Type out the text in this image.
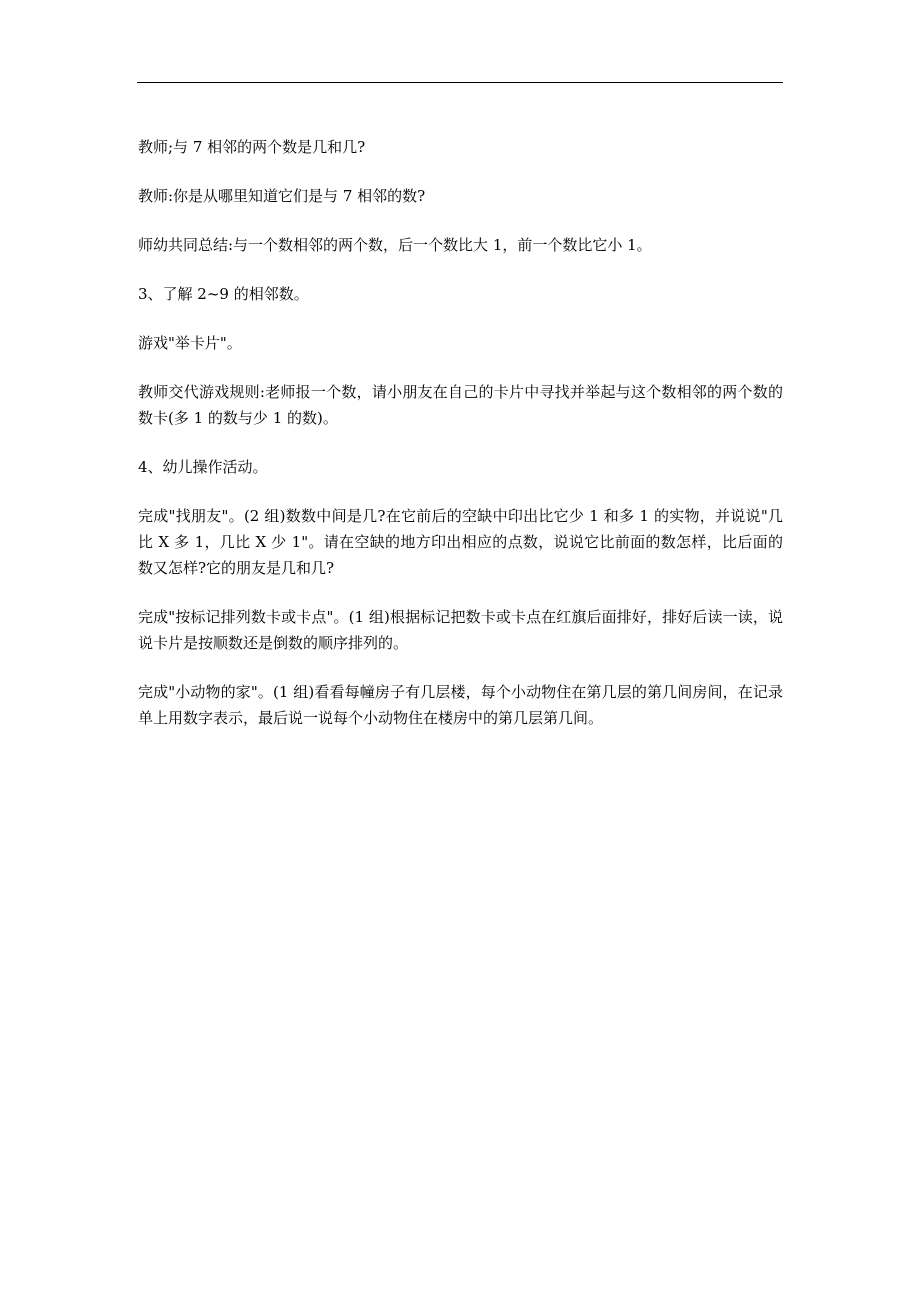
教师;与 7 相邻的两个数是几和几?

教师:你是从哪里知道它们是与 7 相邻的数?

师幼共同总结:与一个数相邻的两个数，后一个数比大 1，前一个数比它小 1。

3、了解 2~9 的相邻数。

游戏"举卡片"。

教师交代游戏规则:老师报一个数，请小朋友在自己的卡片中寻找并举起与这个数相邻的两个数的数卡(多 1 的数与少 1 的数)。

4、幼儿操作活动。

完成"找朋友"。(2 组)数数中间是几?在它前后的空缺中印出比它少 1 和多 1 的实物，并说说"几比 X 多 1，几比 X 少 1"。请在空缺的地方印出相应的点数，说说它比前面的数怎样，比后面的数又怎样?它的朋友是几和几?

完成"按标记排列数卡或卡点"。(1 组)根据标记把数卡或卡点在红旗后面排好，排好后读一读，说说卡片是按顺数还是倒数的顺序排列的。

完成"小动物的家"。(1 组)看看每幢房子有几层楼，每个小动物住在第几层的第几间房间，在记录单上用数字表示，最后说一说每个小动物住在楼房中的第几层第几间。
